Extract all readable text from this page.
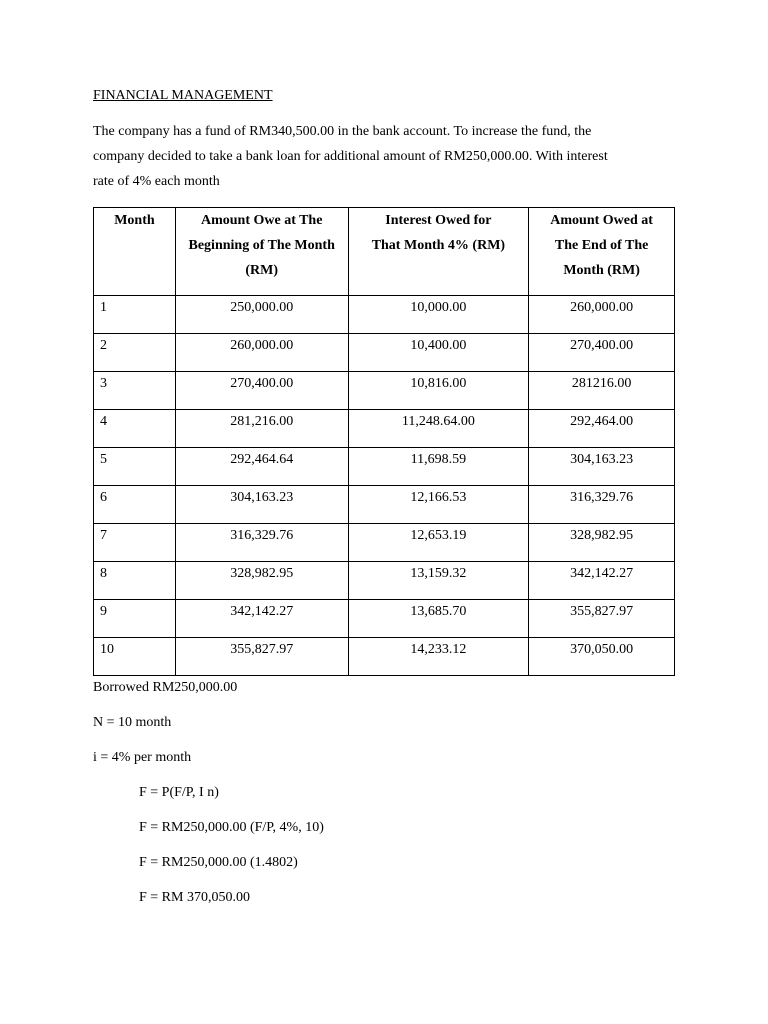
FINANCIAL MANAGEMENT
The company has a fund of RM340,500.00 in the bank account. To increase the fund, the
company decided to take a bank loan for additional amount of RM250,000.00. With interest
rate of 4% each month
Month	Amount Owe at The Beginning of The Month (RM)	Interest Owed for That Month 4% (RM)	Amount Owed at The End of The Month (RM)

1	250,000.00	10,000.00	260,000.00
2	260,000.00	10,400.00	270,400.00
3	270,400.00	10,816.00	281216.00
4	281,216.00	11,248.64.00	292,464.00
5	292,464.64	11,698.59	304,163.23
6	304,163.23	12,166.53	316,329.76
7	316,329.76	12,653.19	328,982.95
8	328,982.95	13,159.32	342,142.27
9	342,142.27	13,685.70	355,827.97
10	355,827.97	14,233.12	370,050.00
Borrowed RM250,000.00
N = 10 month
i = 4% per month
F = P(F/P, I n)
F = RM250,000.00 (F/P, 4%, 10)
F = RM250,000.00 (1.4802)
F = RM 370,050.00
